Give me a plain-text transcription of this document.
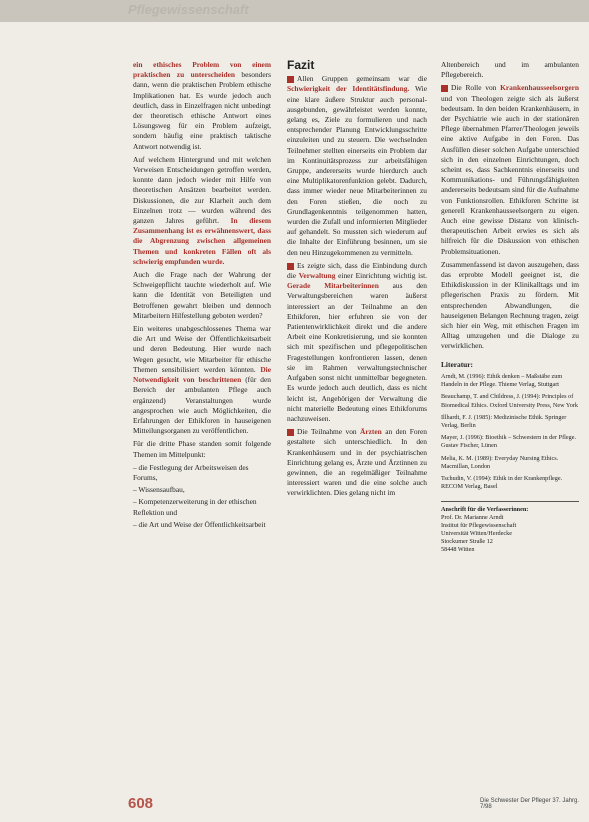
Pflegewissenschaft

ein ethisches Problem von einem praktischen zu unterscheiden besonders dann, wenn die praktischen Problem ethische Implikationen hat. Es wurde jedoch auch deutlich, dass in Einzelfragen nicht unbedingt der theoretisch ethische Antwort eines Lösungsweg für ein Problem aufzeigt, sondern häufig eine praktisch taktische Antwort notwendig ist.

Auf welchem Hintergrund und mit welchen Verweisen Entscheidungen getroffen werden, konnte dann jedoch wieder mit Hilfe von theoretischen Ansätzen bearbeitet werden. Diskussionen, die zur Klarheit auch dem Einzelnen trotz — wurden während des ganzen Jahres geführt. In diesem Zusammenhang ist es erwähnenswert, dass die Abgrenzung zwischen allgemeinen Themen und konkreten Fällen oft als schwierig empfunden wurde.

Auch die Frage nach der Wahrung der Schweigepflicht tauchte wiederholt auf. Wie kann die Identität von Beteiligten und Betroffenen gewahrt bleiben und dennoch Mitarbeitern Hilfestellung geboten werden?

Ein weiteres unabgeschlossenes Thema war die Art und Weise der Öffentlichkeitsarbeit und deren Bedeutung. Hier wurde nach Wegen gesucht, wie Mitarbeiter für ethische Themen sensibilisiert werden könnten. Die Notwendigkeit von beschrittenen (für den Bereich der ambulanten Pflege auch ergänzend) Veranstaltungen wurde angesprochen wie auch Möglichkeiten, die Erfahrungen der Ethikforen in hauseigenen Mitteilungsorganen zu veröffentlichen.

Für die dritte Phase standen somit folgende Themen im Mittelpunkt:

– die Festlegung der Arbeitsweisen des Forums,
– Wissensaufbau,
– Kompetenzerweiterung in der ethischen Reflektion und
– die Art und Weise der Öffentlichkeitsarbeit
Fazit

Allen Gruppen gemeinsam war die Schwierigkeit der Identitätsfindung. Wie eine klare äußere Struktur auch personalausgebunden, gewährleistet werden konnte, gelang es, Ziele zu formulieren und nach entsprechender Planung Entwicklungsschritte einzuleiten und zu steuern. Die wechselnden Teilnehmer stellten einerseits ein Problem dar im Kontinuitätsprozess zur arbeitsfähigen Gruppe, andererseits wurde hierdurch auch eine Multiplikatorenfunktion gelebt. Dadurch, dass immer wieder neue Mitarbeiterinnen zu den Foren stießen, die noch zu Grundlagenkenntnis teilgenommen hatten, wurden die Zufall und informierten Mitglieder auf gehandelt. So mussten sich wiederum auf die Inhalte der Einführung besinnen, um sie den neu Hinzugekommenen zu vermitteln.

Es zeigte sich, dass die Einbindung durch die Verwaltung einer Einrichtung wichtig ist. Gerade Mitarbeiterinnen aus den Verwaltungsbereichen waren äußerst interessiert an der Teilnahme an den Ethikforen, hier erfuhren sie von der Patientenwirklichkeit direkt und die andere Arbeit eine Konkretisierung, und sie konnten sich mit spezifischen und pflegepolitischen Fragestellungen konfrontieren lassen, denen sie im Rahmen verwaltungstechnischer Aufgaben sonst nicht unmittelbar begegneten. Es wurde jedoch auch deutlich, dass es nicht leicht ist, Angehörigen der Verwaltung die nicht materielle Bedeutung eines Ethikforums nachzuweisen.

Die Teilnahme von Ärzten an den Foren gestaltete sich unterschiedlich. In den Krankenhäusern und in der psychiatrischen Einrichtung gelang es, Ärzte und Ärztinnen zu gewinnen, die an regelmäßiger Teilnahme interessiert waren und die eine solche auch verwirklichten. Dies gelang nicht im

Altenbereich und im ambulanten Pflegebereich.

Die Rolle von Krankenhausseelsorgern und von Theologen zeigte sich als äußerst bedeutsam. In den beiden Krankenhäusern, in der Psychiatrie wie auch in der stationären Pflege übernahmen Pfarrer/Theologen jeweils eine aktive Aufgabe in den Foren. Das Ausfüllen dieser solchen Aufgabe unterschied sich in den einzelnen Einrichtungen, doch scheint es, dass Sachkenntnis einerseits und Kommunikations- und Führungsfähigkeiten andererseits bedeutsam sind für die Aufnahme von Funktionsrollen. Ethikforen Schritte ist generell Krankenhausseelsorgern zu eigen. Auch eine gewisse Distanz von klinisch-therapeutischen Arbeit erwies es sich als hilfreich für die Diskussion von ethischen Problemsituationen.

Zusammenfassend ist davon auszugehen, dass das erprobte Modell geeignet ist, die Ethikdiskussion in der Klinikalltags und im pflegerischen Praxis zu fördern. Mit entsprechenden Abwandlungen, die hauseigenen Belangen Rechnung tragen, zeigt sich hier ein Weg, mit ethischen Fragen im Alltag umzugehen und die Dialoge zu verwirklichen.

Literatur:

Arndt, M. (1996): Ethik denken – Maßstäbe zum Handeln in der Pflege. Thieme Verlag, Stuttgart

Beauchamp, T. and Childress, J. (1994): Principles of Biomedical Ethics. Oxford University Press, New York

Illhardt, F. J. (1985): Medizinische Ethik. Springer Verlag, Berlin

Mayer, J. (1996): Bioethik – Schwestern in der Pflege. Gustav Fischer, Lünen

Melia, K. M. (1989): Everyday Nursing Ethics. Macmillan, London

Tschudin, V. (1994): Ethik in der Krankenpflege. RECOM Verlag, Basel

Anschrift für die Verfasserinnen:
Prof. Dr. Marianne Arndt
Institut für Pflegewissenschaft
Universität Witten/Herdecke
Stockumer Straße 12
58448 Witten
608	Die Schwester Der Pfleger 37. Jahrg. 7/98
